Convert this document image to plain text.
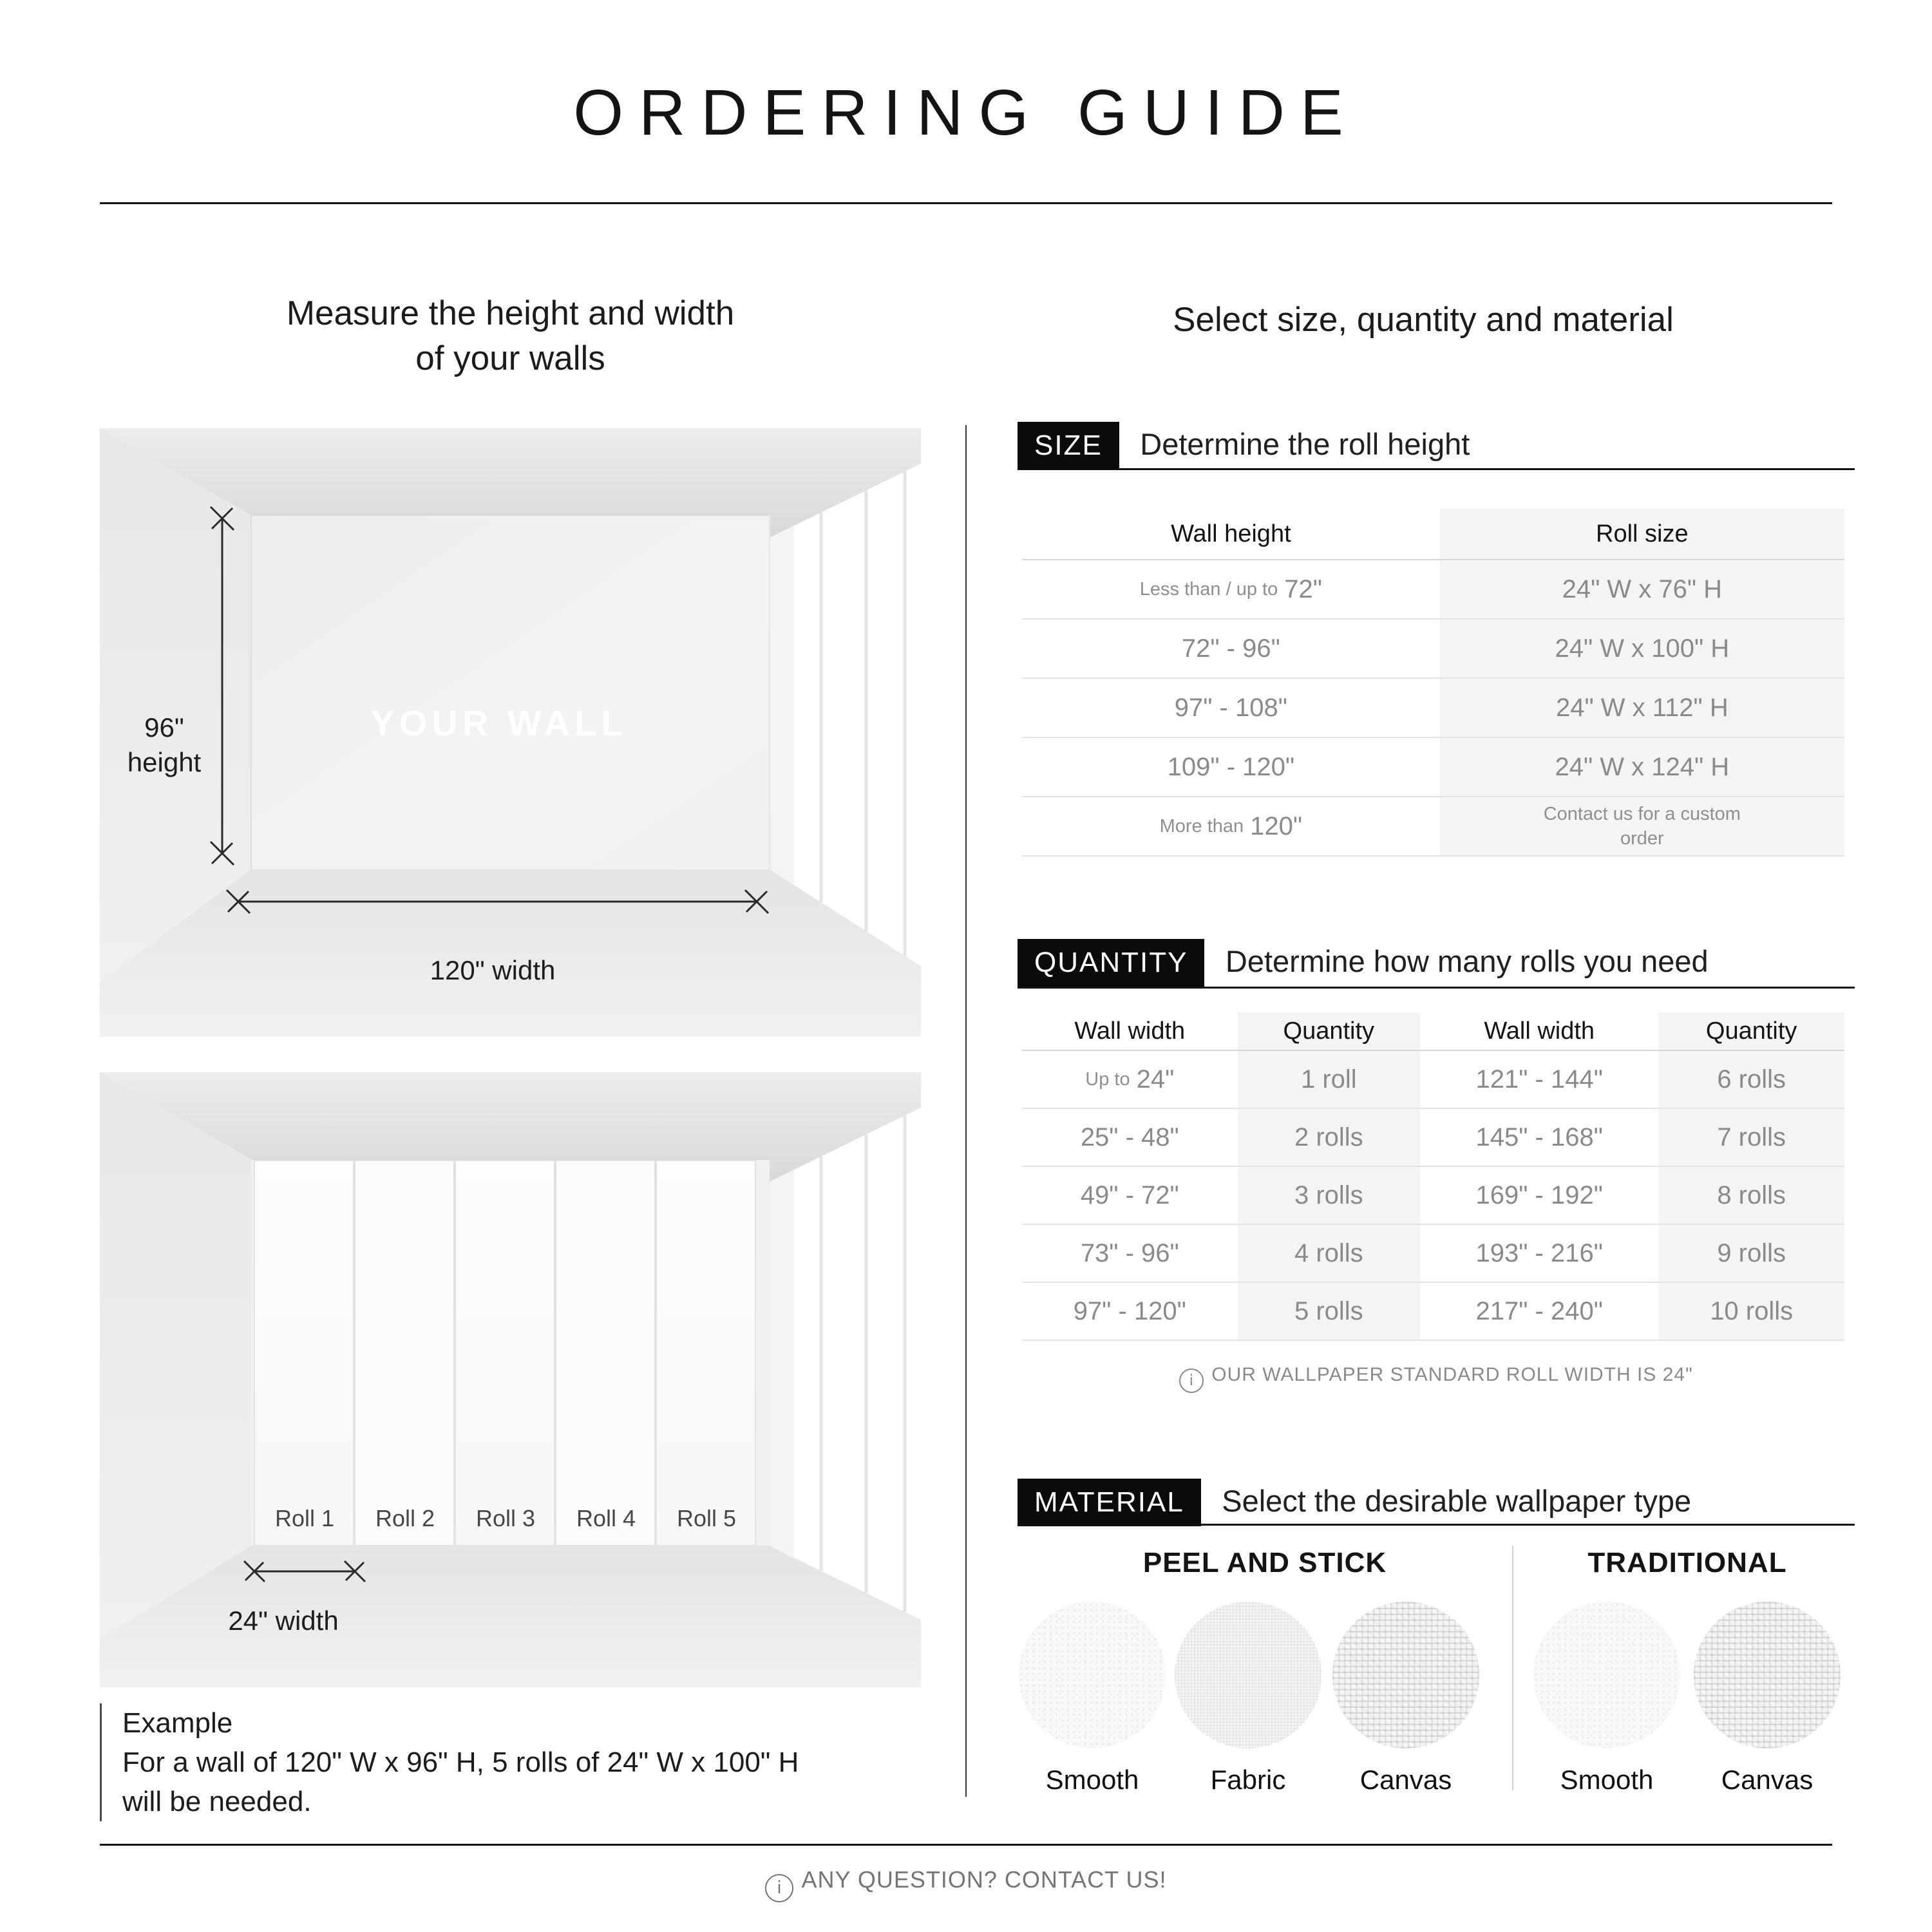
ORDERING GUIDE
Measure the height and width
of your walls
Select size, quantity and material
YOUR WALL
96"
height
120" width
Roll 1	Roll 2	Roll 3	Roll 4	Roll 5
24" width
Example
For a wall of 120" W x 96" H, 5 rolls of 24" W x 100" H
will be needed.
SIZE Determine the roll height
Wall height	Roll size
Less than / up to 72"	24" W x 76" H
72" - 96"	24" W x 100" H
97" - 108"	24" W x 112" H
109" - 120"	24" W x 124" H
More than 120"	Contact us for a custom order
QUANTITY Determine how many rolls you need
Wall width	Quantity	Wall width	Quantity
Up to 24"	1 roll	121" - 144"	6 rolls
25" - 48"	2 rolls	145" - 168"	7 rolls
49" - 72"	3 rolls	169" - 192"	8 rolls
73" - 96"	4 rolls	193" - 216"	9 rolls
97" - 120"	5 rolls	217" - 240"	10 rolls
i OUR WALLPAPER STANDARD ROLL WIDTH IS 24"
MATERIAL Select the desirable wallpaper type
PEEL AND STICK	TRADITIONAL
Smooth	Fabric	Canvas	Smooth	Canvas
i ANY QUESTION? CONTACT US!
